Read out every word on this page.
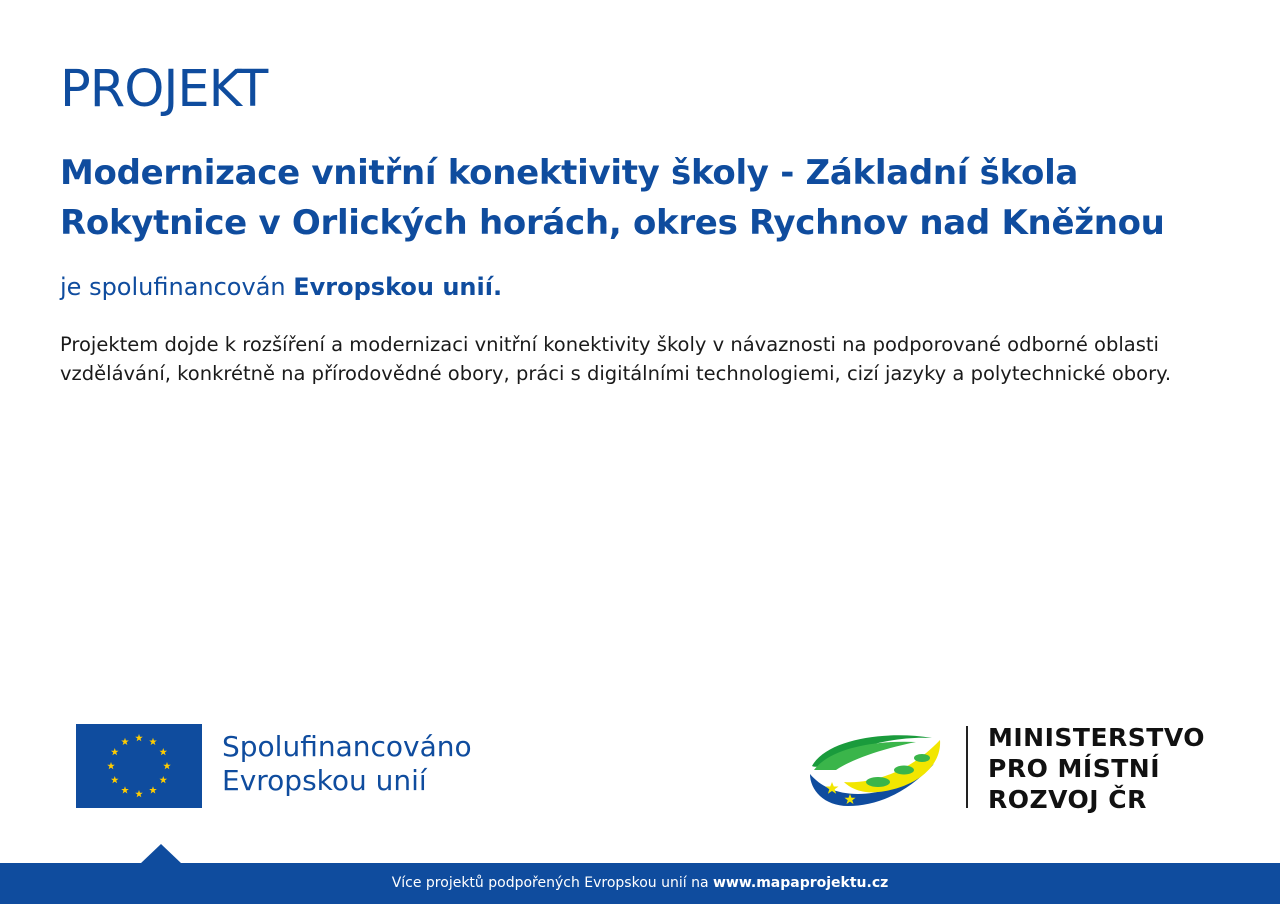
PROJEKT
Modernizace vnitřní konektivity školy - Základní škola Rokytnice v Orlických horách, okres Rychnov nad Kněžnou

je spolufinancován Evropskou unií.

Projektem dojde k rozšíření a modernizaci vnitřní konektivity školy v návaznosti na podporované odborné oblasti vzdělávání, konkrétně na přírodovědné obory, práci s digitálními technologiemi, cizí jazyky a polytechnické obory.

Spolufinancováno
Evropskou unií
MINISTERSTVO
PRO MÍSTNÍ
ROZVOJ ČR
Více projektů podpořených Evropskou unií na www.mapaprojektu.cz
